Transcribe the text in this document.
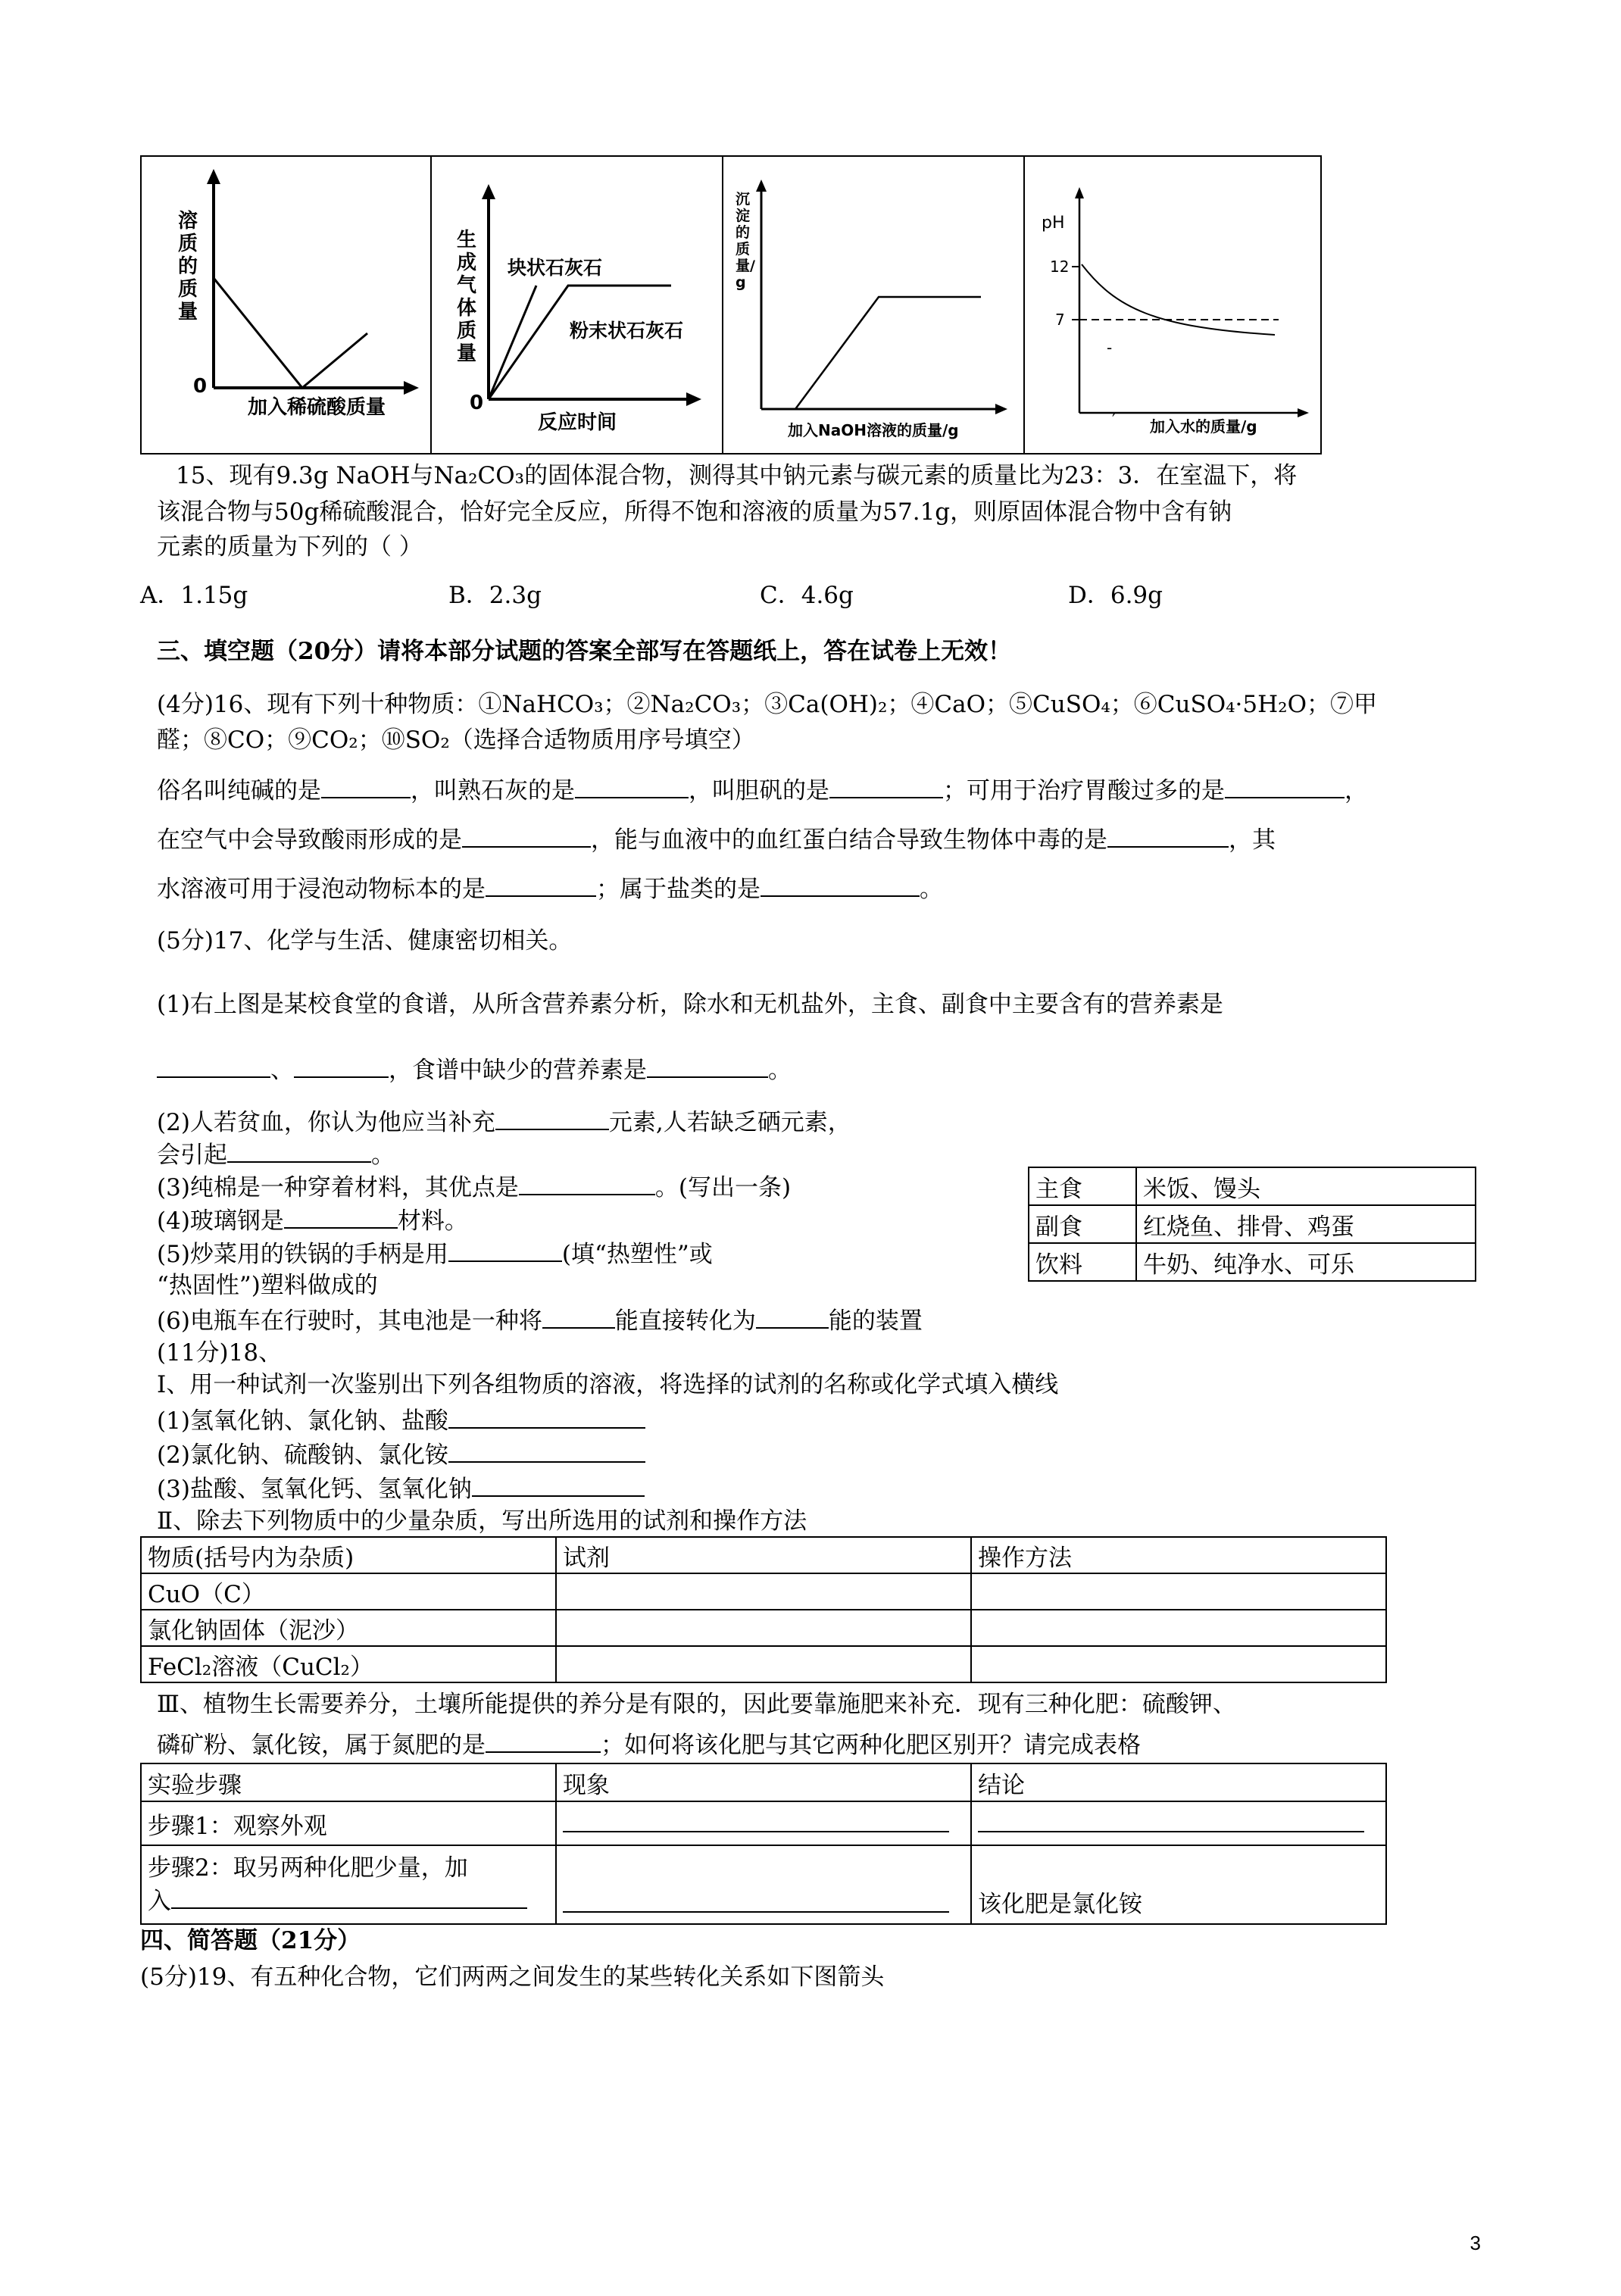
溶质的质量
0
加入稀硫酸质量
生成气体质量
0
块状石灰石
粉末状石灰石
反应时间
沉淀的质量/g
加入NaOH溶液的质量/g
pH
12
7
-
′ 加入水的质量/g
15、现有9.3g NaOH与Na₂CO₃的固体混合物，测得其中钠元素与碳元素的质量比为23：3．在室温下，将
该混合物与50g稀硫酸混合，恰好完全反应，所得不饱和溶液的质量为57.1g，则原固体混合物中含有钠
元素的质量为下列的（ ）
A．1.15g	B．2.3g	C．4.6g	D．6.9g
三、填空题（20分）请将本部分试题的答案全部写在答题纸上，答在试卷上无效！
(4分)16、现有下列十种物质：①NaHCO₃；②Na₂CO₃；③Ca(OH)₂；④CaO；⑤CuSO₄；⑥CuSO₄·5H₂O；⑦甲
醛；⑧CO；⑨CO₂；⑩SO₂（选择合适物质用序号填空）
俗名叫纯碱的是	，叫熟石灰的是	，叫胆矾的是	；可用于治疗胃酸过多的是	，
在空气中会导致酸雨形成的是	，能与血液中的血红蛋白结合导致生物体中毒的是	，其
水溶液可用于浸泡动物标本的是	；属于盐类的是	。
(5分)17、化学与生活、健康密切相关。
(1)右上图是某校食堂的食谱，从所含营养素分析，除水和无机盐外，主食、副食中主要含有的营养素是
、	，食谱中缺少的营养素是	。
(2)人若贫血，你认为他应当补充	元素,人若缺乏硒元素，
会引起	。
(3)纯棉是一种穿着材料，其优点是	。(写出一条)
(4)玻璃钢是	材料。
(5)炒菜用的铁锅的手柄是用	(填“热塑性”或
“热固性”)塑料做成的
(6)电瓶车在行驶时，其电池是一种将	能直接转化为	能的装置
主食	米饭、馒头
副食	红烧鱼、排骨、鸡蛋
饮料	牛奶、纯净水、可乐
(11分)18、
Ⅰ、用一种试剂一次鉴别出下列各组物质的溶液，将选择的试剂的名称或化学式填入横线
(1)氢氧化钠、氯化钠、盐酸
(2)氯化钠、硫酸钠、氯化铵
(3)盐酸、氢氧化钙、氢氧化钠
Ⅱ、除去下列物质中的少量杂质，写出所选用的试剂和操作方法
物质(括号内为杂质)	试剂	操作方法
CuO（C）		
氯化钠固体（泥沙）		
FeCl₂溶液（CuCl₂）		
Ⅲ、植物生长需要养分，土壤所能提供的养分是有限的，因此要靠施肥来补充．现有三种化肥：硫酸钾、
磷矿粉、氯化铵，属于氮肥的是	；如何将该化肥与其它两种化肥区别开？请完成表格
实验步骤	现象	结论
步骤1：观察外观		

步骤2：取另两种化肥少量，加
入		该化肥是氯化铵
四、简答题（21分）
(5分)19、有五种化合物，它们两两之间发生的某些转化关系如下图箭头
3
